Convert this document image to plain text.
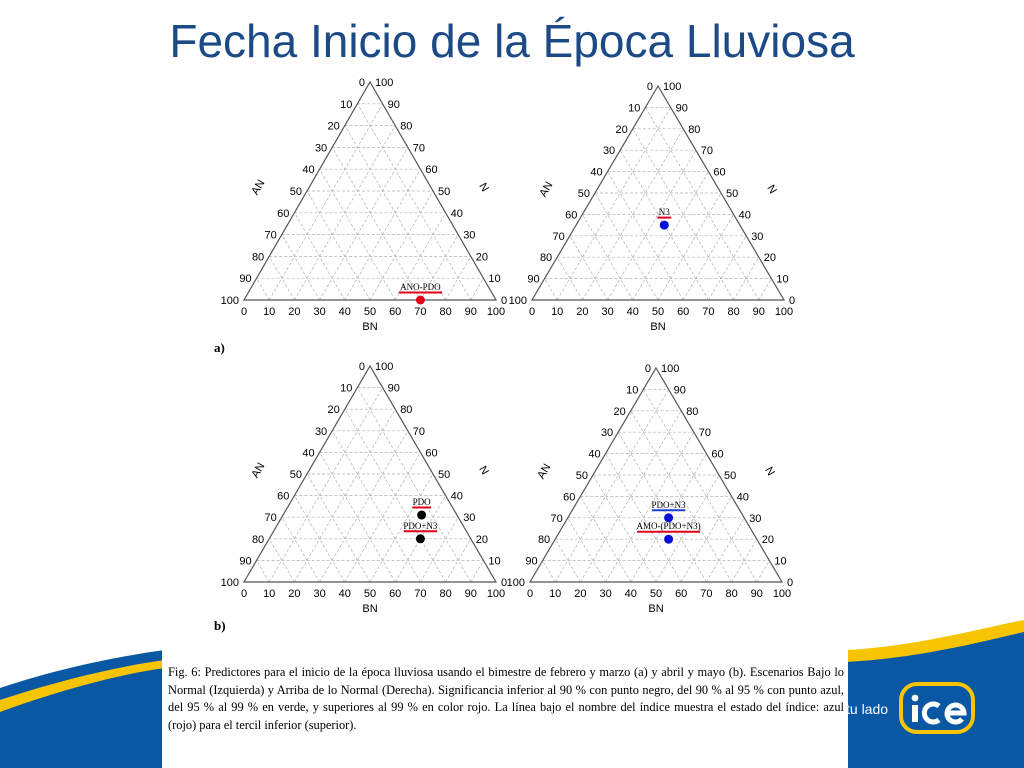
Fecha Inicio de la Época Lluviosa
0
0
0
10
10
10
20
20
20
30
30
30
40
40
40
50
50	50
60
60
60
70
70
70
80
80
80
90
90
90
100
100
100
BN
AN	N
a)
AN​O-PDO
0
0
0
10
10
10
20
20
20
30
30
30
40
40
40
50
50	50
60
60
60
70
70
70
80
80
80
90
90
90
100
100
100
BN
AN	N
N3
0
0
0
10
10
10
20
20
20
30
30
30
40
40
40
50
50	50
60
60
60
70
70
70
80
80
80
90
90
90
100
100
100
BN
AN	N
b)
PDO
PDO+N3
0
0
0
10
10
10
20
20
20
30
30
30
40
40
40
50
50	50
60
60
60
70
70
70
80
80
80
90
90
90
100
100
100
BN
AN	N
PDO+N3
AMO-(PDO+N3)
Fig. 6: Predictores para el inicio de la época lluviosa usando el bimestre de febrero y marzo (a) y abril y mayo (b). Escenarios Bajo lo Normal (Izquierda) y Arriba de lo Normal (Derecha). Significancia inferior al 90 % con punto negro, del 90 % al 95 % con punto azul, del 95 % al 99 % en verde, y superiores al 99 % en color rojo. La línea bajo el nombre del índice muestra el estado del índice: azul (rojo) para el tercil inferior (superior).
tu lado
